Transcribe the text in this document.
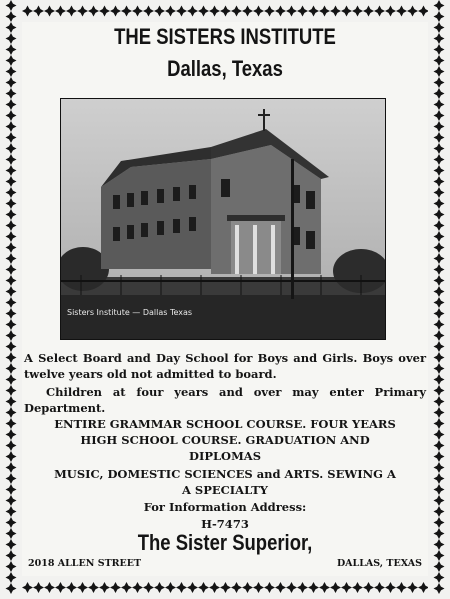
THE SISTERS INSTITUTE
Dallas, Texas
Sisters Institute — Dallas Texas
A Select Board and Day School for Boys and Girls. Boys over twelve years old not admitted to board.
Children at four years and over may enter Primary Department.
ENTIRE GRAMMAR SCHOOL COURSE. FOUR YEARS
HIGH SCHOOL COURSE. GRADUATION AND
DIPLOMAS
MUSIC, DOMESTIC SCIENCES and ARTS. SEWING A
A SPECIALTY
For Information Address:
H-7473
The Sister Superior,
2018 ALLEN STREET	DALLAS, TEXAS
